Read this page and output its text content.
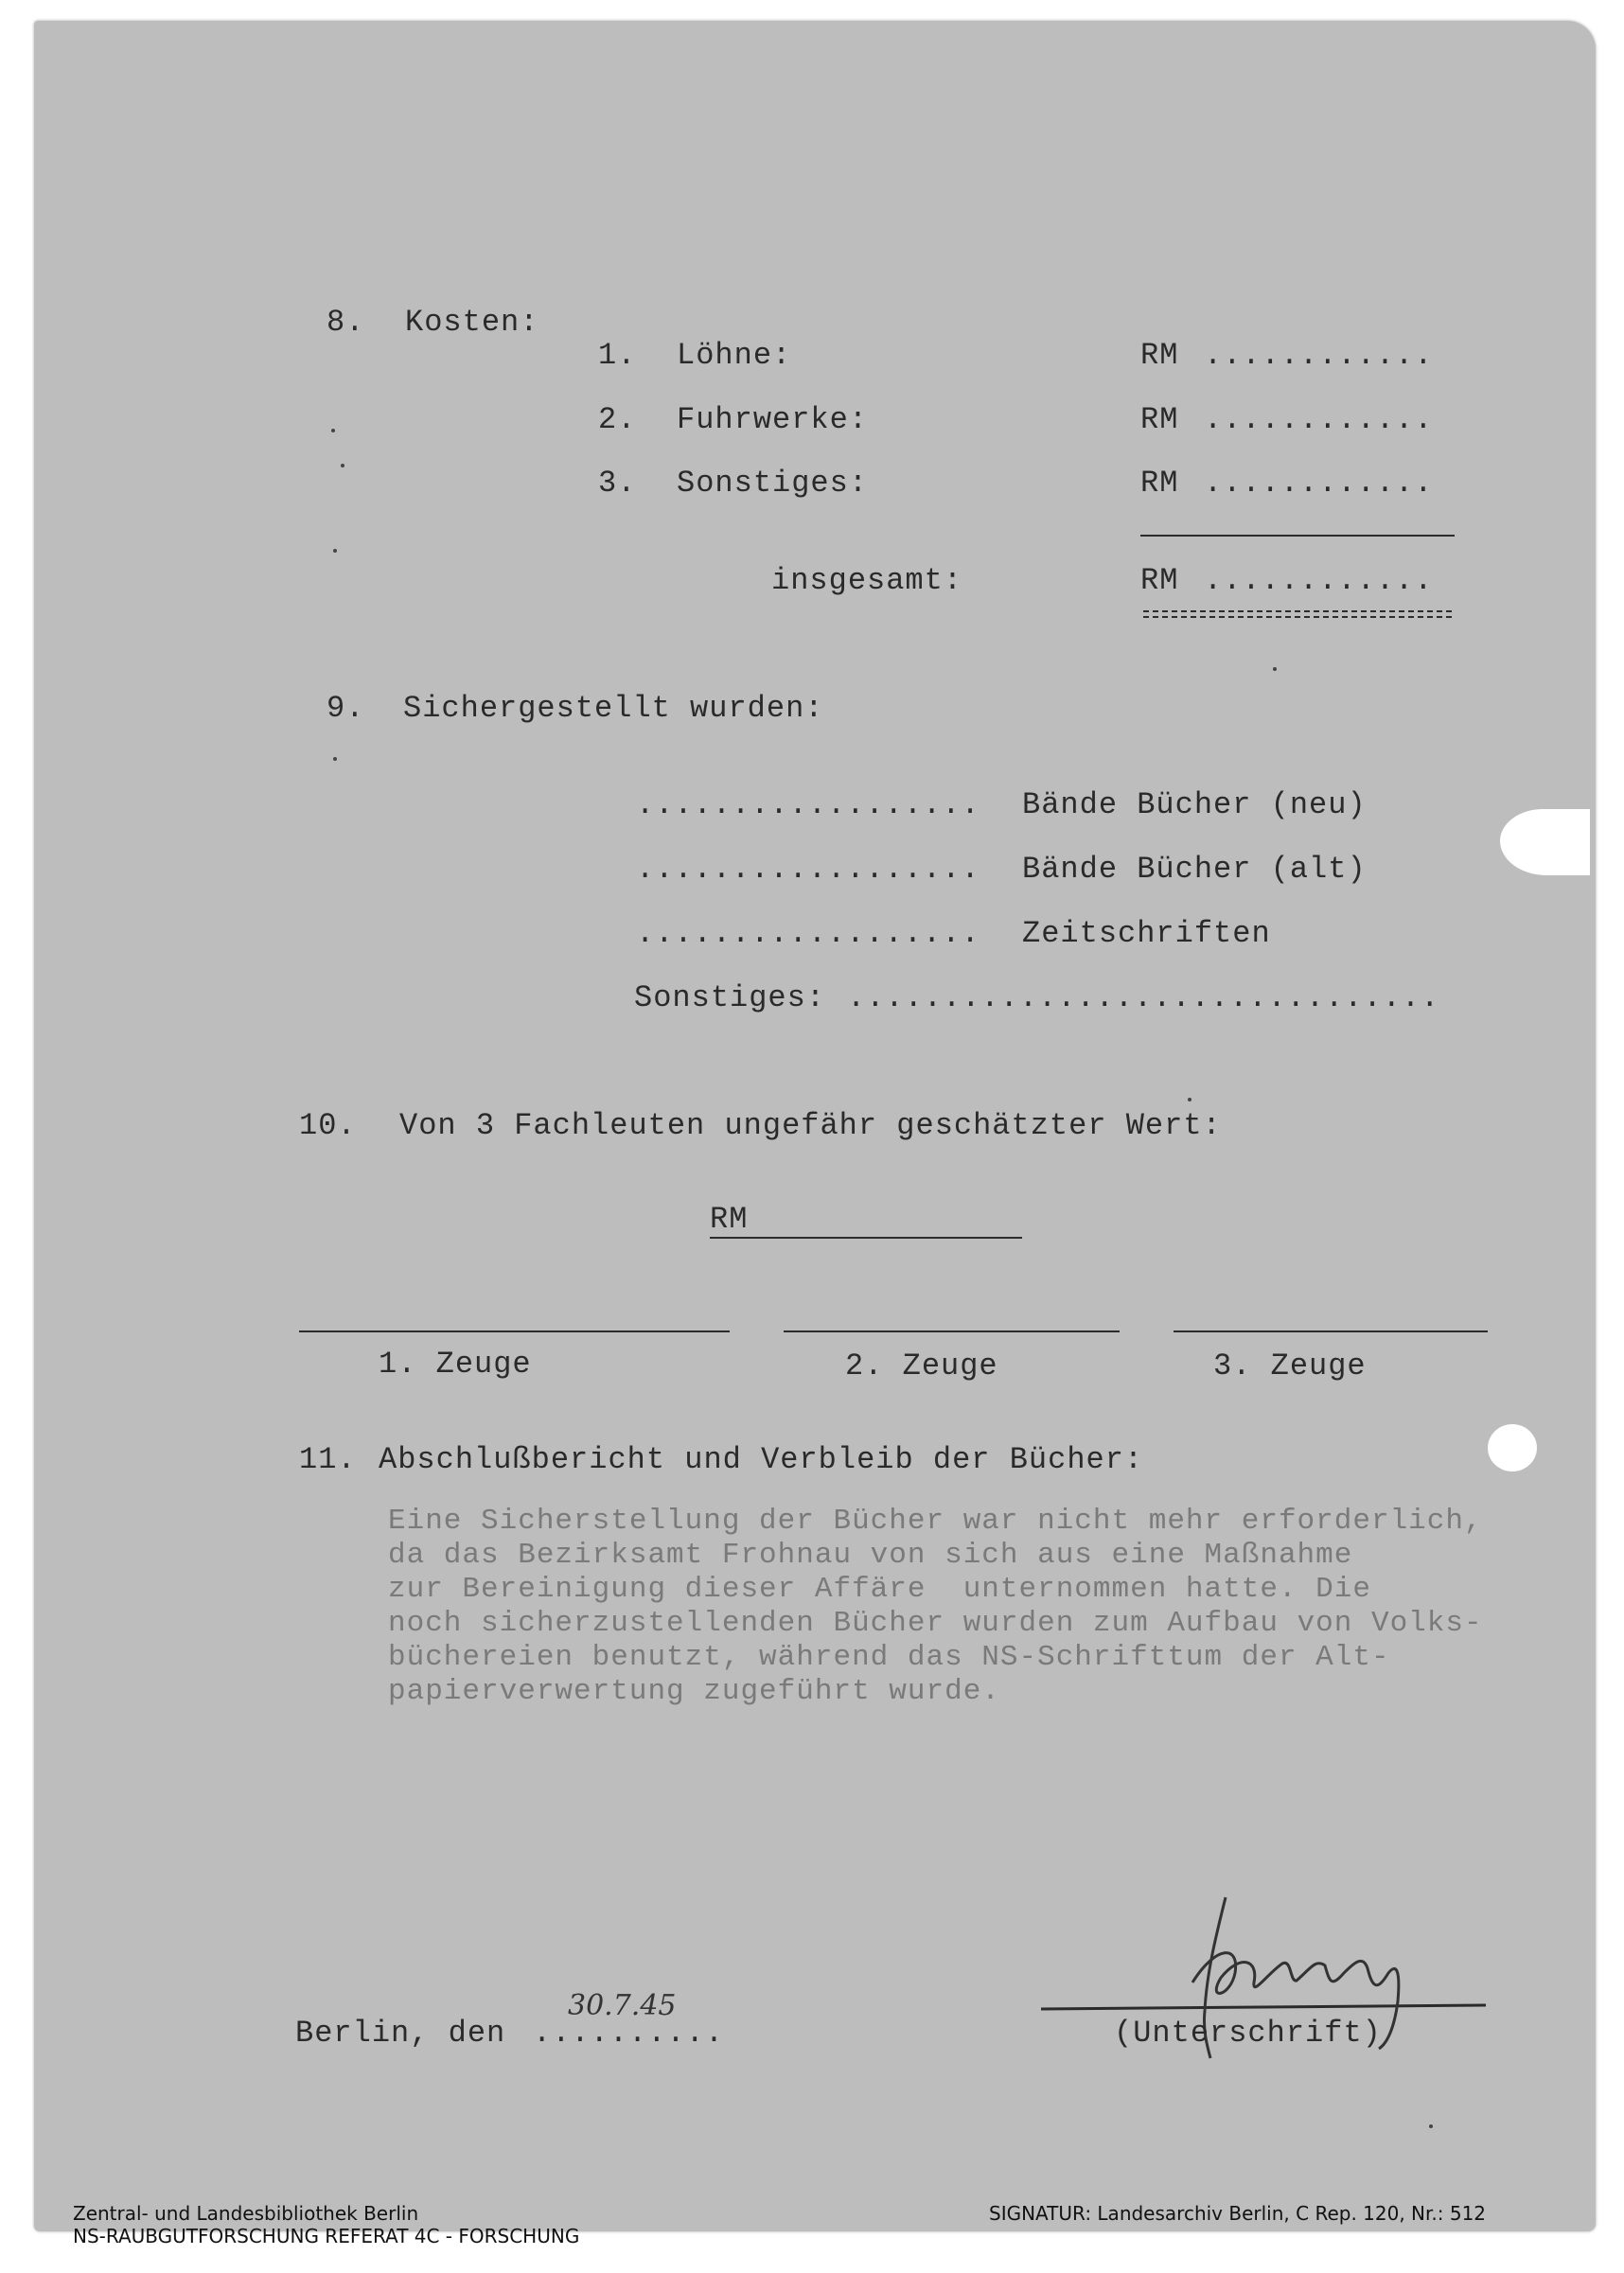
8. Kosten:
1. Löhne:	RM ............
2. Fuhrwerke:	RM ............
3. Sonstiges:	RM ............
insgesamt:	RM ............
9. Sichergestellt wurden:
.................. Bände Bücher (neu)
.................. Bände Bücher (alt)
.................. Zeitschriften
Sonstiges: ...............................
10. Von 3 Fachleuten ungefähr geschätzter Wert:
RM
1. Zeuge	2. Zeuge	3. Zeuge
11. Abschlußbericht und Verbleib der Bücher:
Eine Sicherstellung der Bücher war nicht mehr erforderlich,
da das Bezirksamt Frohnau von sich aus eine Maßnahme
zur Bereinigung dieser Affäre  unternommen hatte. Die
noch sicherzustellenden Bücher wurden zum Aufbau von Volks-
büchereien benutzt, während das NS-Schrifttum der Alt-
papierverwertung zugeführt wurde.
Berlin, den ..........
30.7.45
(Unterschrift)
Zentral- und Landesbibliothek Berlin
NS-RAUBGUTFORSCHUNG REFERAT 4C - FORSCHUNG
SIGNATUR: Landesarchiv Berlin, C Rep. 120, Nr.: 512
